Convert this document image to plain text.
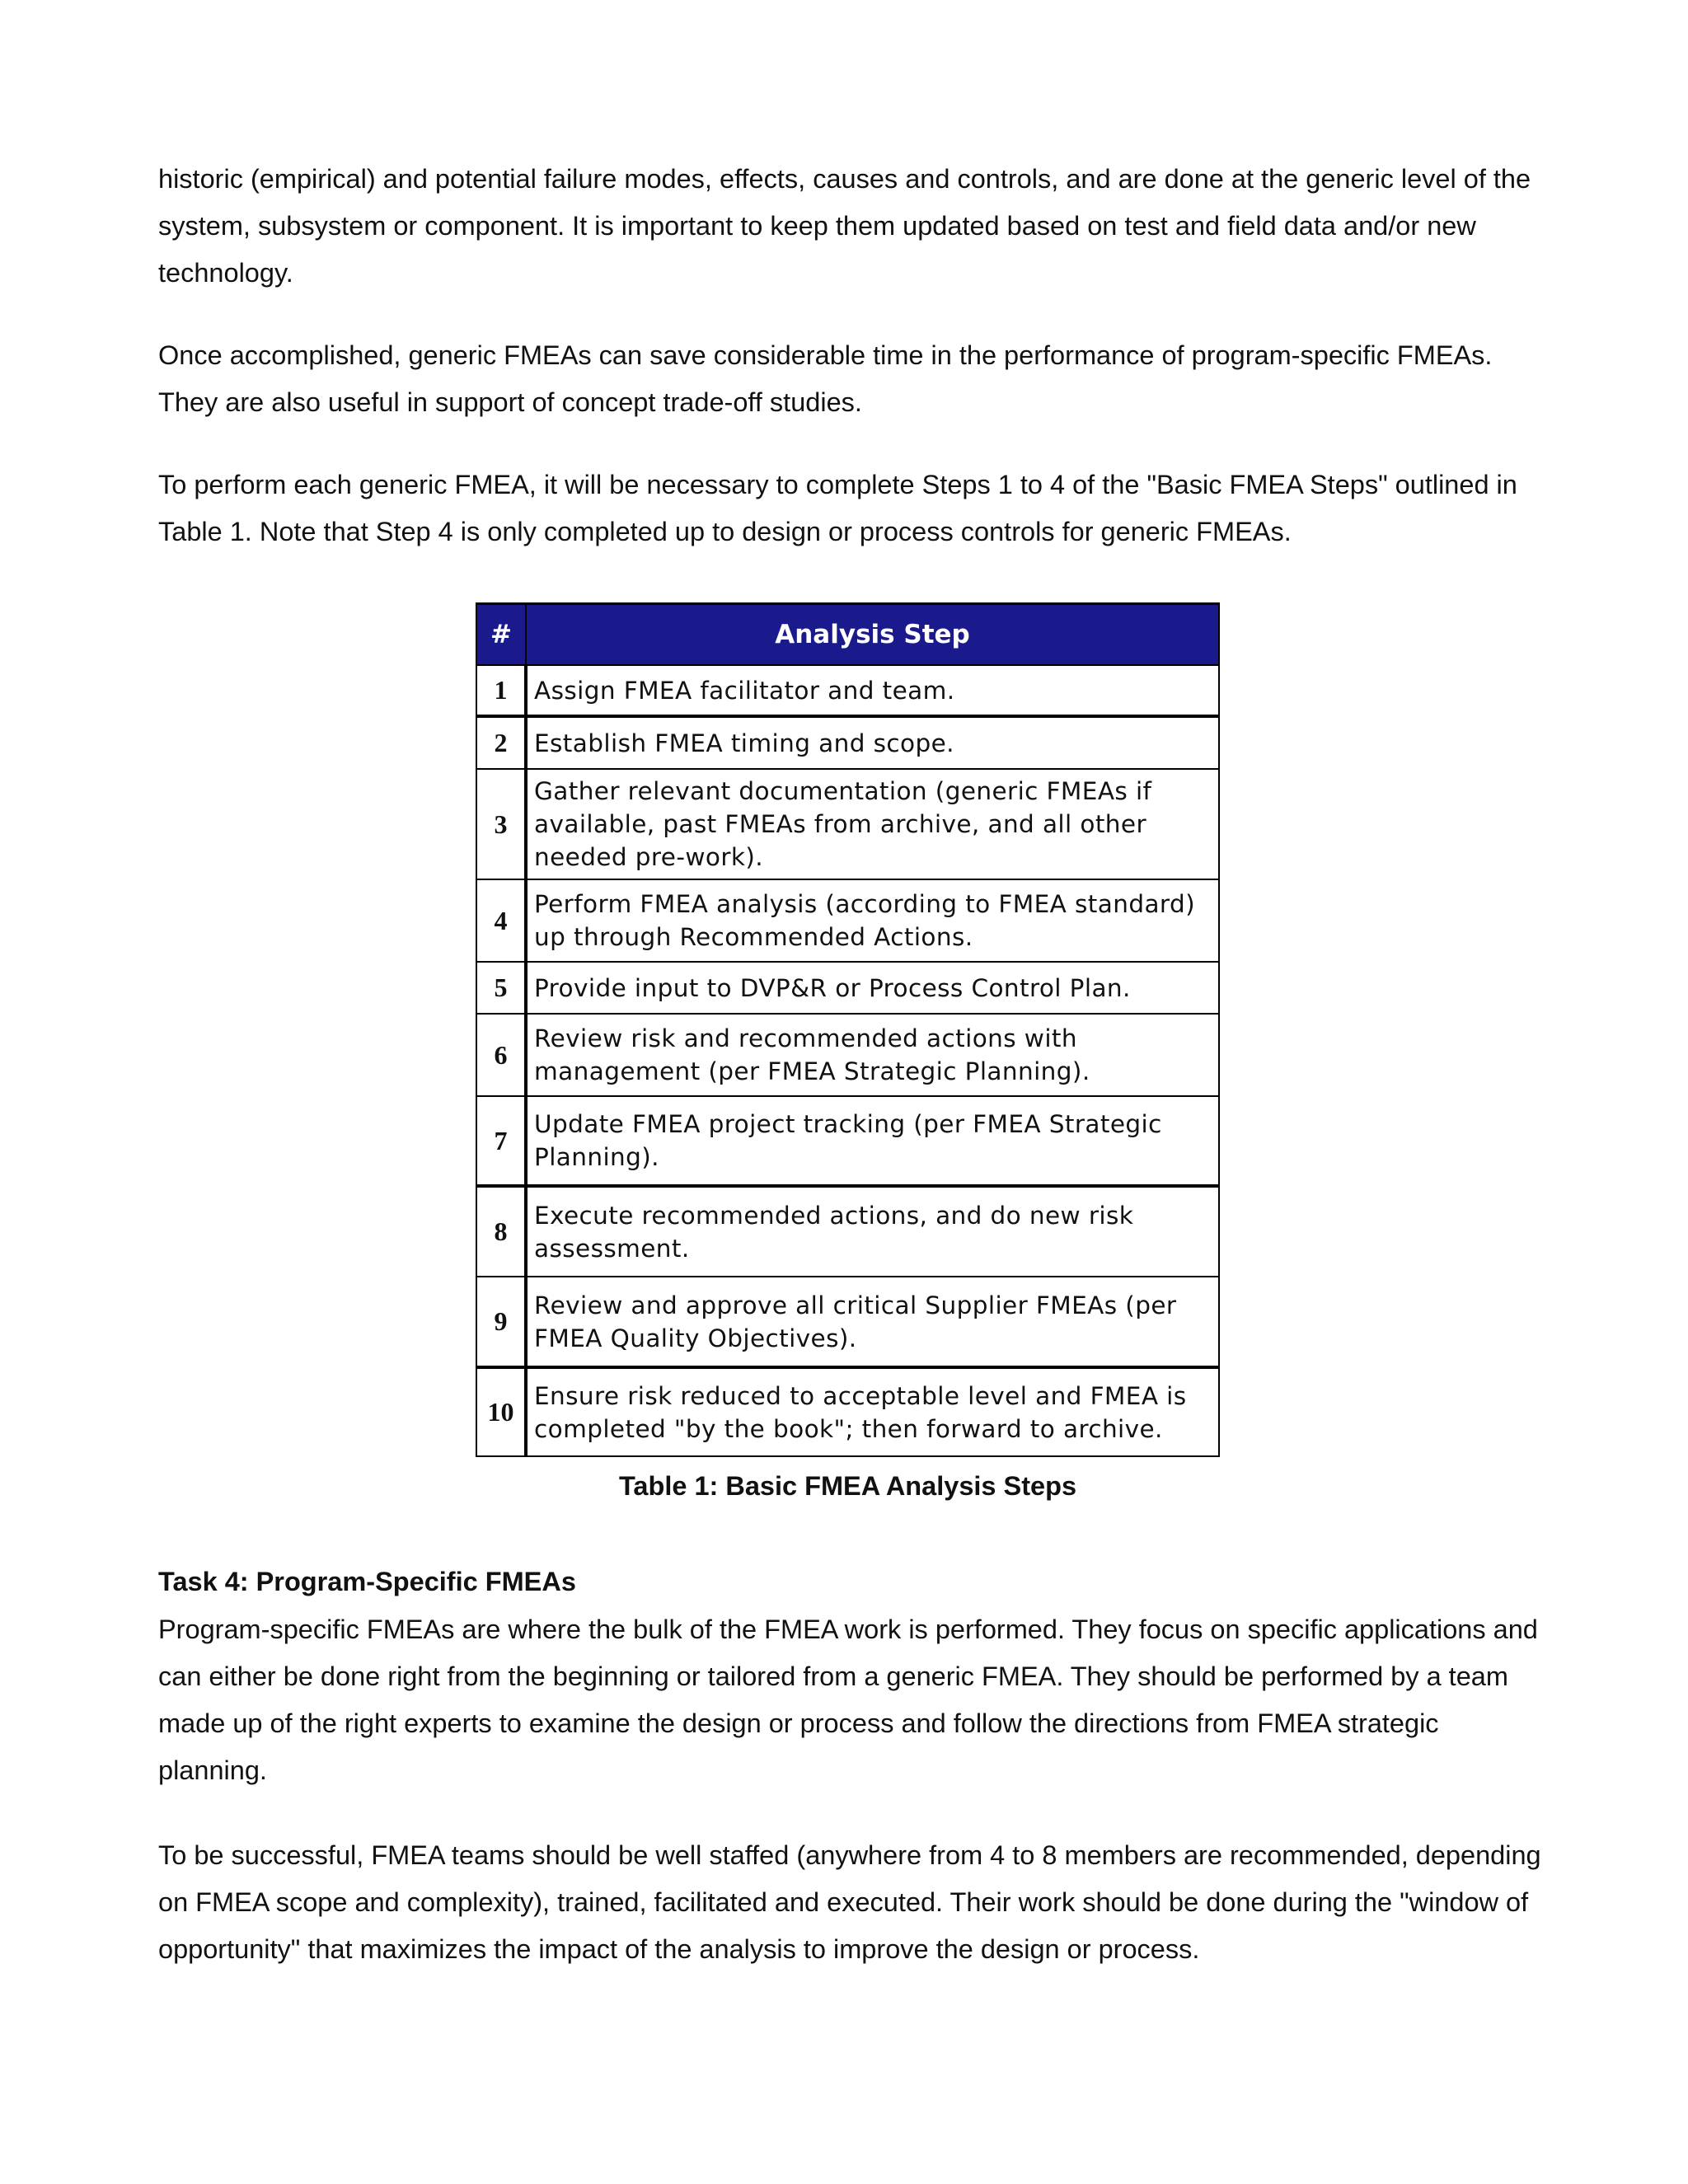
historic (empirical) and potential failure modes, effects, causes and controls, and are done at the generic level of the system, subsystem or component. It is important to keep them updated based on test and field data and/or new technology.

Once accomplished, generic FMEAs can save considerable time in the performance of program-specific FMEAs. They are also useful in support of concept trade-off studies.

To perform each generic FMEA, it will be necessary to complete Steps 1 to 4 of the "Basic FMEA Steps" outlined in Table 1. Note that Step 4 is only completed up to design or process controls for generic FMEAs.

#	Analysis Step
1	Assign FMEA facilitator and team.
2	Establish FMEA timing and scope.
3	Gather relevant documentation (generic FMEAs if available, past FMEAs from archive, and all other needed pre-work).
4	Perform FMEA analysis (according to FMEA standard) up through Recommended Actions.
5	Provide input to DVP&R or Process Control Plan.
6	Review risk and recommended actions with management (per FMEA Strategic Planning).
7	Update FMEA project tracking (per FMEA Strategic Planning).
8	Execute recommended actions, and do new risk assessment.
9	Review and approve all critical Supplier FMEAs (per FMEA Quality Objectives).
10	Ensure risk reduced to acceptable level and FMEA is completed "by the book"; then forward to archive.

Table 1: Basic FMEA Analysis Steps

Task 4: Program-Specific FMEAs

Program-specific FMEAs are where the bulk of the FMEA work is performed. They focus on specific applications and can either be done right from the beginning or tailored from a generic FMEA. They should be performed by a team made up of the right experts to examine the design or process and follow the directions from FMEA strategic planning.

To be successful, FMEA teams should be well staffed (anywhere from 4 to 8 members are recommended, depending on FMEA scope and complexity), trained, facilitated and executed. Their work should be done during the "window of opportunity" that maximizes the impact of the analysis to improve the design or process.
